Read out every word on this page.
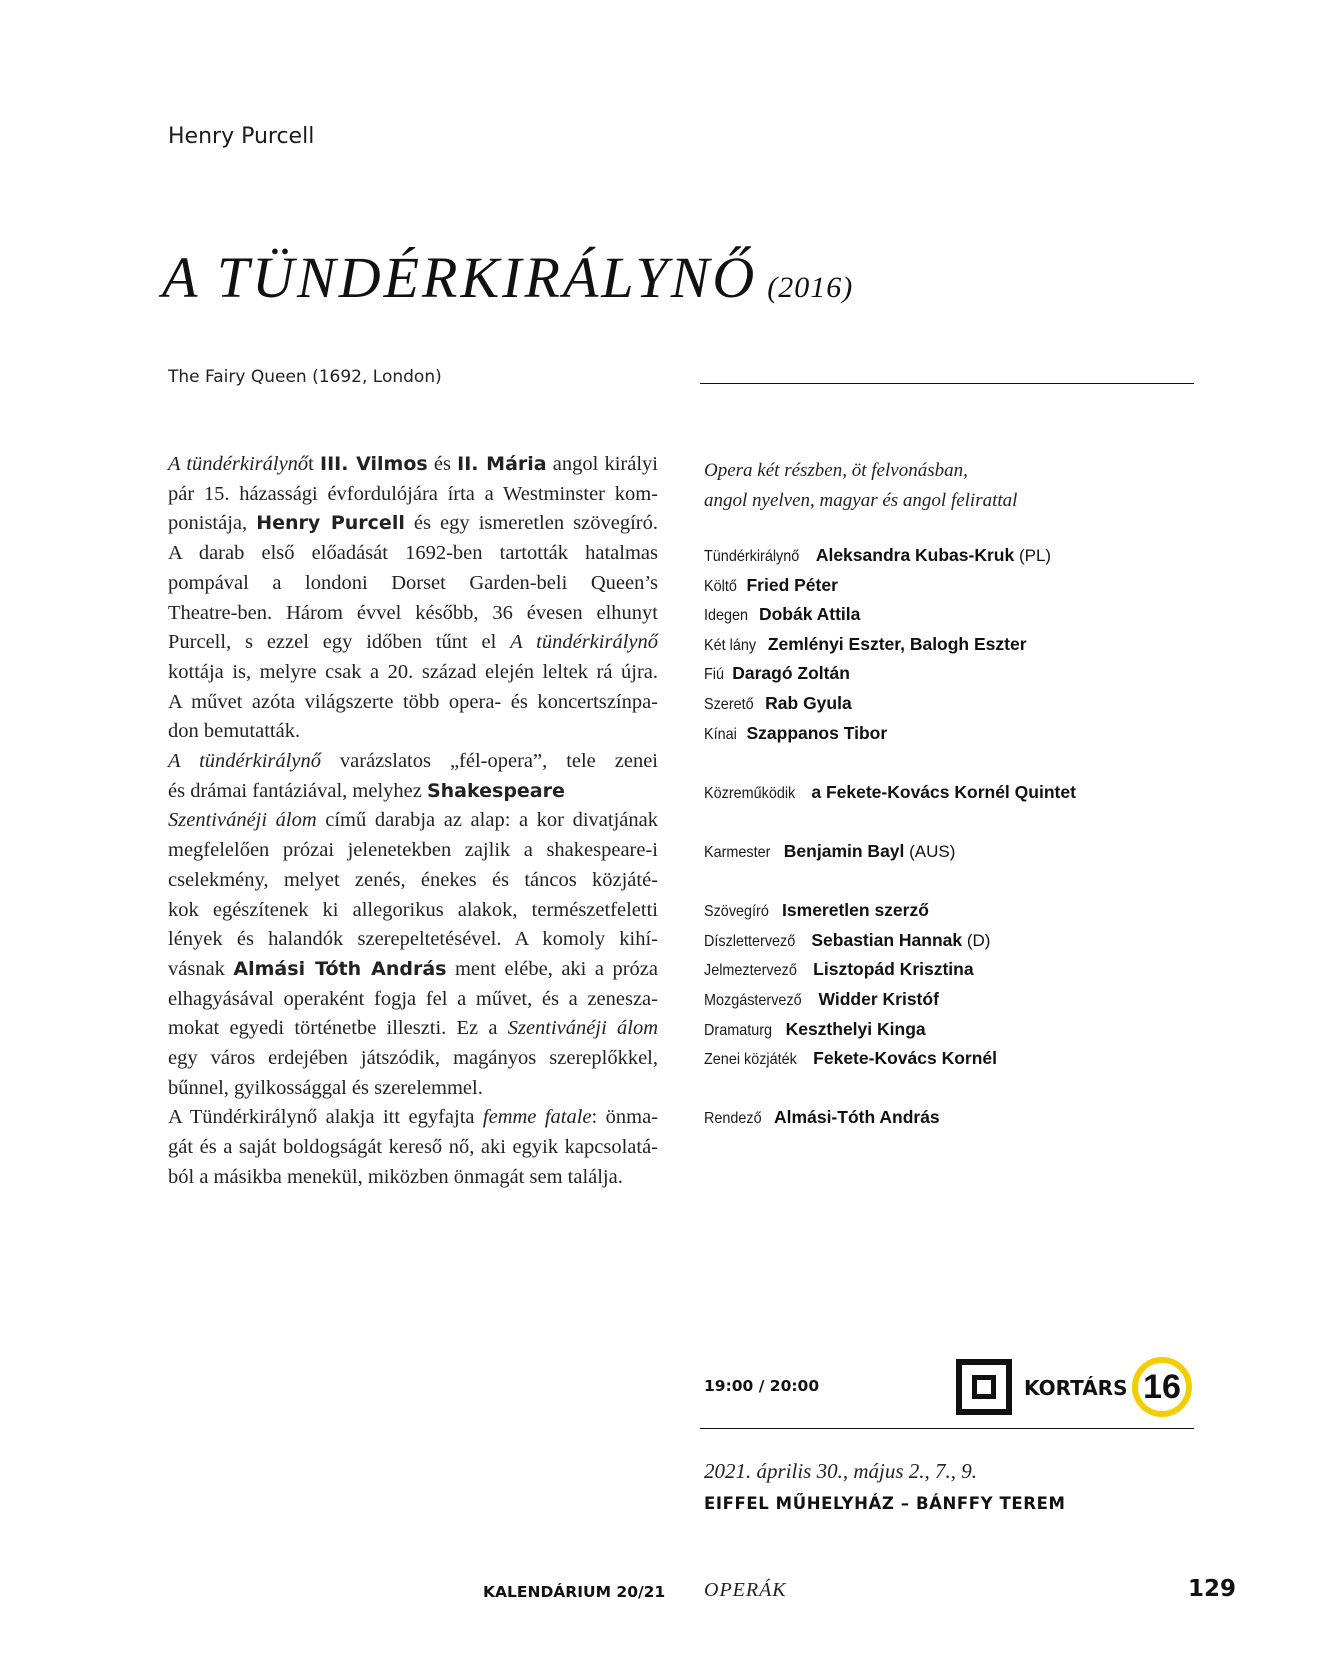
Henry Purcell
A TÜNDÉRKIRÁLYNŐ (2016)
The Fairy Queen (1692, London)
A tündérkirálynőt III. Vilmos és II. Mária angol királyi
pár 15. házassági évfordulójára írta a Westminster kom-
ponistája, Henry Purcell és egy ismeretlen szövegíró.
A darab első előadását 1692-ben tartották hatalmas
pompával a londoni Dorset Garden-beli Queen’s
Theatre-ben. Három évvel később, 36 évesen elhunyt
Purcell, s ezzel egy időben tűnt el A tündérkirálynő
kottája is, melyre csak a 20. század elején leltek rá újra.
A művet azóta világszerte több opera- és koncertszínpa-
don bemutatták.
A tündérkirálynő varázslatos „fél-opera”, tele zenei
és drámai fantáziával, melyhez Shakespeare
Szentivánéji álom című darabja az alap: a kor divatjának
megfelelően prózai jelenetekben zajlik a shakespeare-i
cselekmény, melyet zenés, énekes és táncos közjáté-
kok egészítenek ki allegorikus alakok, természetfeletti
lények és halandók szerepeltetésével. A komoly kihí-
vásnak Almási Tóth András ment elébe, aki a próza
elhagyásával operaként fogja fel a művet, és a zenesza-
mokat egyedi történetbe illeszti. Ez a Szentivánéji álom
egy város erdejében játszódik, magányos szereplőkkel,
bűnnel, gyilkossággal és szerelemmel.
A Tündérkirálynő alakja itt egyfajta femme fatale: önma-
gát és a saját boldogságát kereső nő, aki egyik kapcsolatá-
ból a másikba menekül, miközben önmagát sem találja.
Opera két részben, öt felvonásban,
angol nyelven, magyar és angol felirattal
Tündérkirálynő Aleksandra Kubas-Kruk (PL)
Költő Fried Péter
Idegen Dobák Attila
Két lány Zemlényi Eszter, Balogh Eszter
Fiú Daragó Zoltán
Szerető Rab Gyula
Kínai Szappanos Tibor
Közreműködik a Fekete-Kovács Kornél Quintet
Karmester Benjamin Bayl (AUS)
Szövegíró Ismeretlen szerző
Díszlettervező Sebastian Hannak (D)
Jelmeztervező Lisztopád Krisztina
Mozgástervező Widder Kristóf
Dramaturg Keszthelyi Kinga
Zenei közjáték Fekete-Kovács Kornél
Rendező Almási-Tóth András
19:00 / 20:00	KORTÁRS 16
2021. április 30., május 2., 7., 9.
EIFFEL MŰHELYHÁZ – BÁNFFY TEREM
KALENDÁRIUM 20/21 OPERÁK	129
